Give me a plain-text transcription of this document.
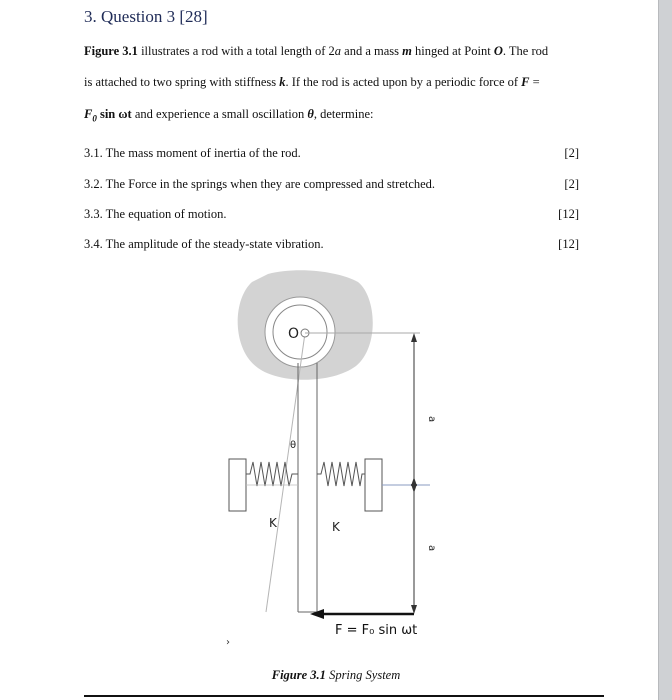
3. Question 3 [28]
Figure 3.1 illustrates a rod with a total length of 2a and a mass m hinged at Point O. The rod
is attached to two spring with stiffness k. If the rod is acted upon by a periodic force of F =
$F_0$ sin ωt and experience a small oscillation θ, determine:
3.1. The mass moment of inertia of the rod.	[2]
3.2. The Force in the springs when they are compressed and stretched.	[2]
3.3. The equation of motion.	[12]
3.4. The amplitude of the steady-state vibration.	[12]
O
θ
K	K
a
a
F = F₀ sin ωt
›
Figure 3.1 Spring System
